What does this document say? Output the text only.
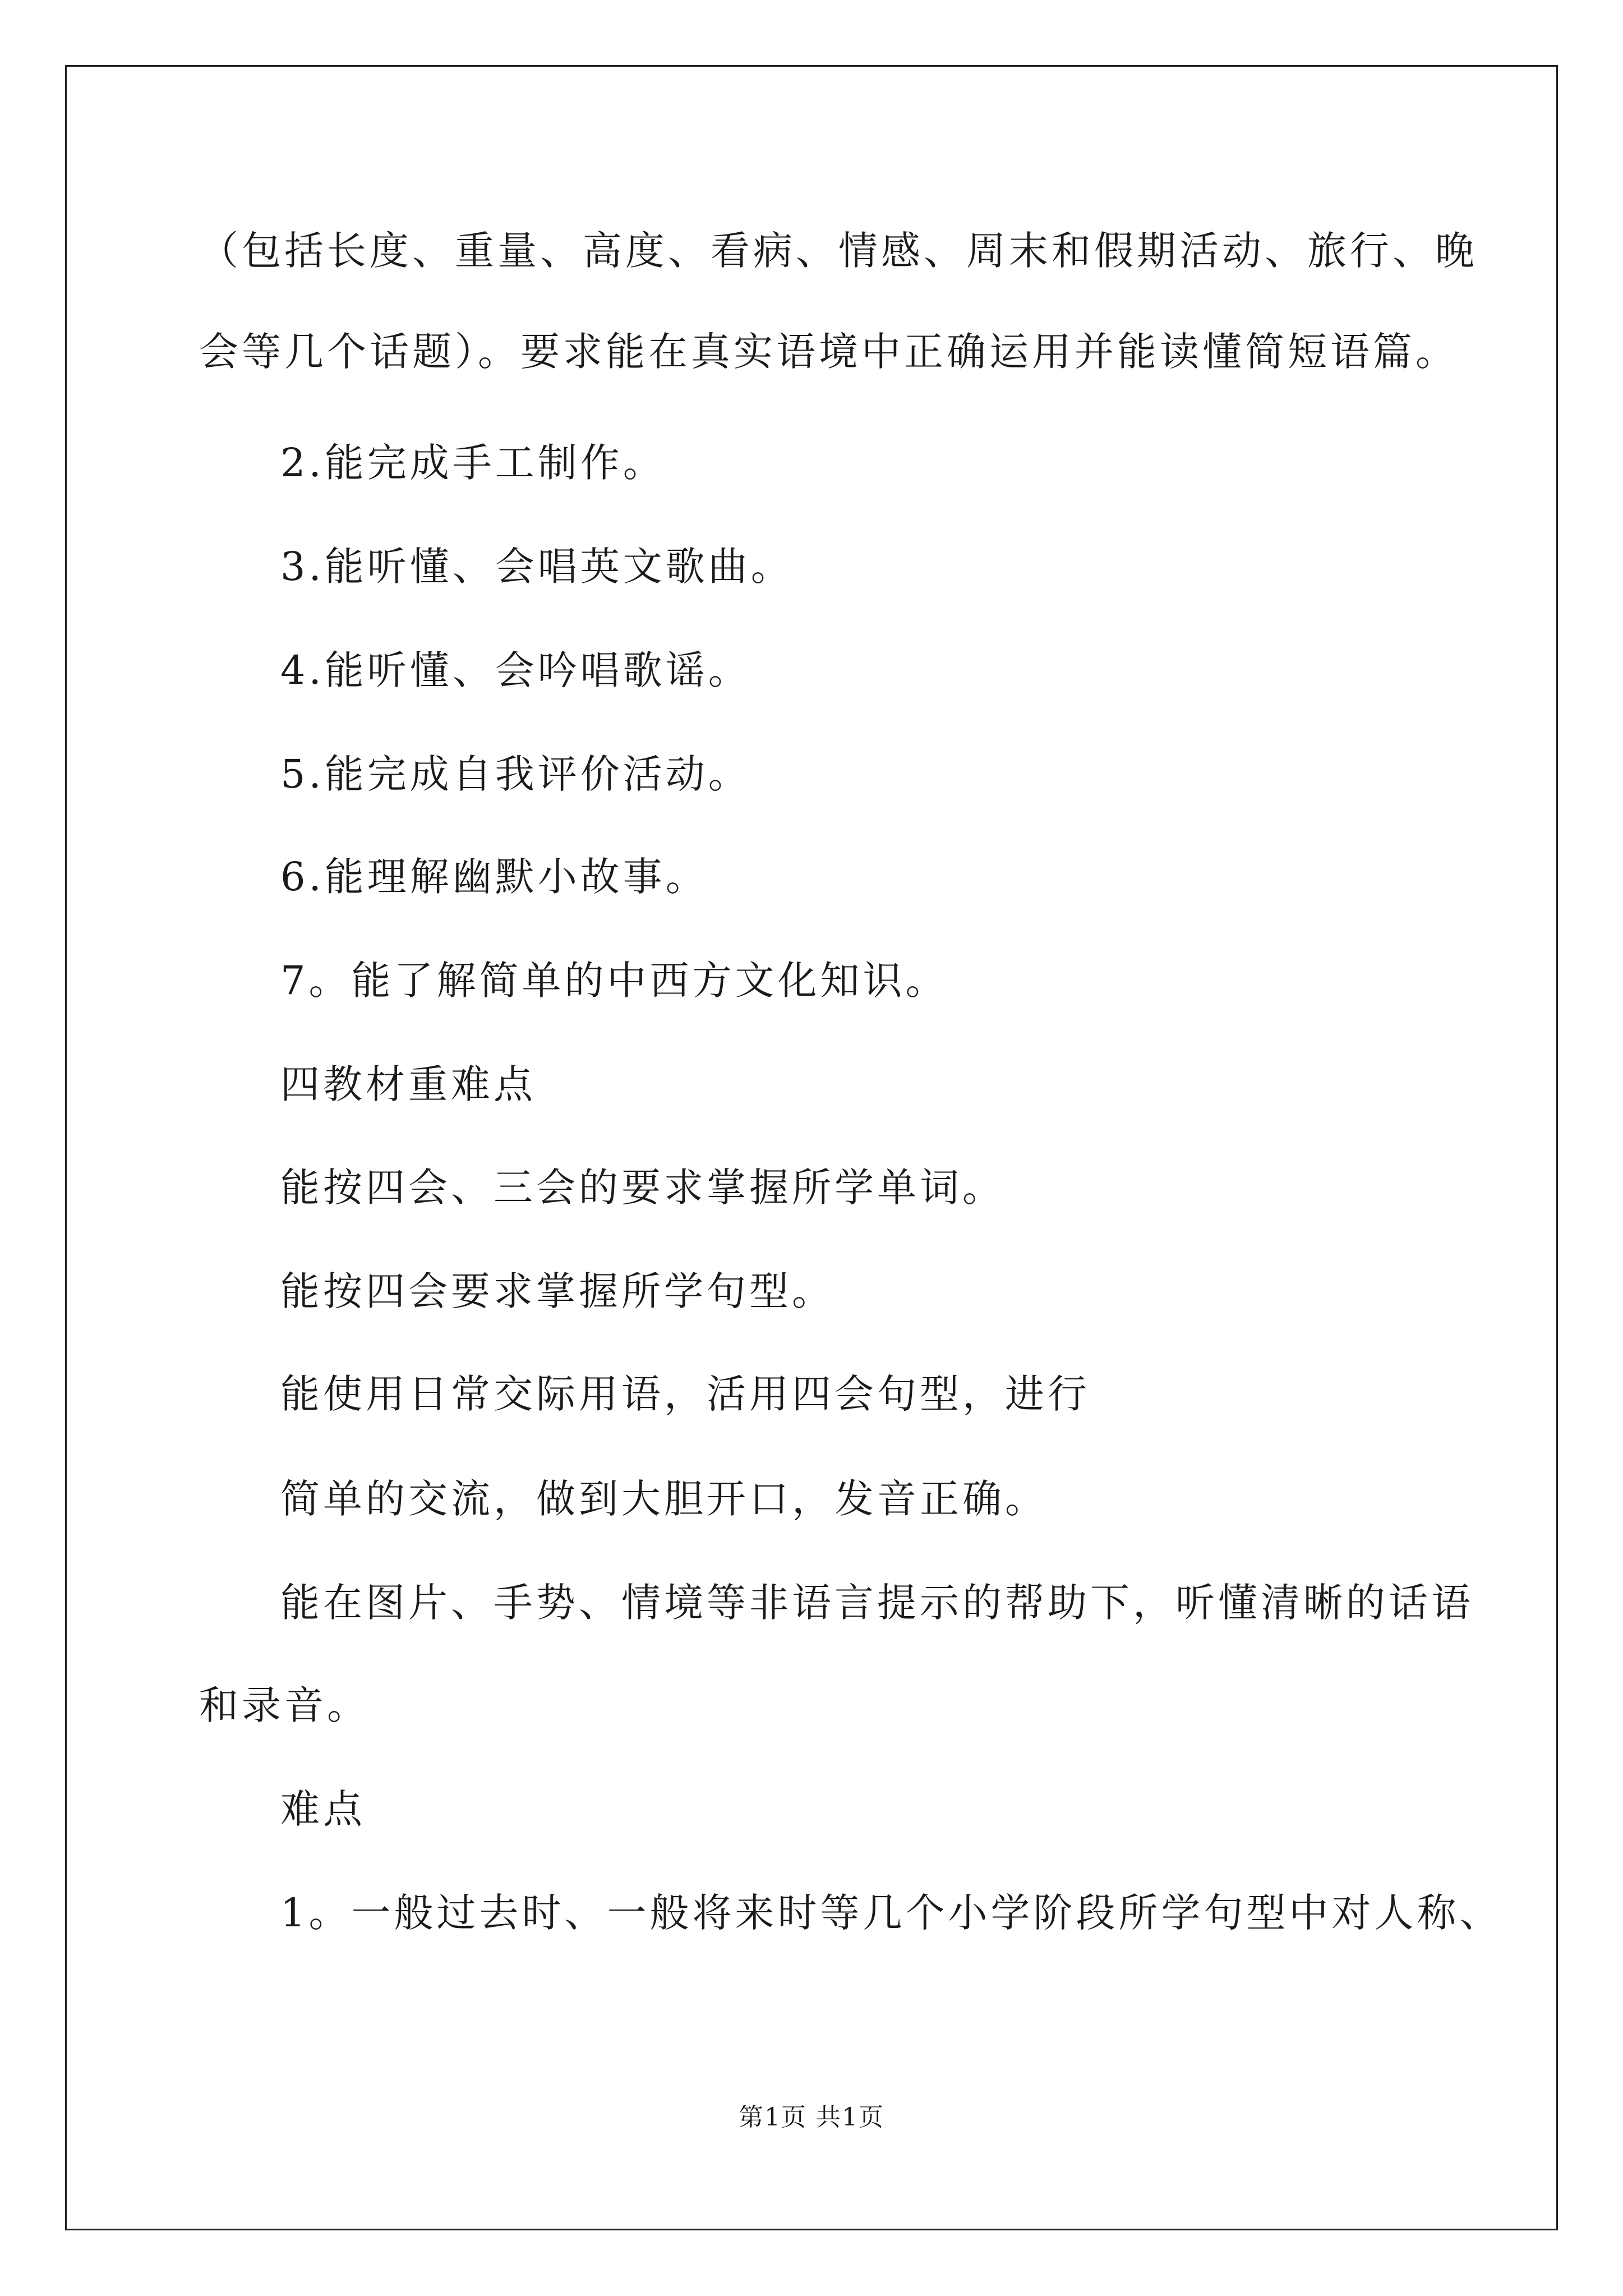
（包括长度、重量、高度、看病、情感、周末和假期活动、旅行、晚
会等几个话题）。要求能在真实语境中正确运用并能读懂简短语篇。
2.能完成手工制作。
3.能听懂、会唱英文歌曲。
4.能听懂、会吟唱歌谣。
5.能完成自我评价活动。
6.能理解幽默小故事。
7。能了解简单的中西方文化知识。
四教材重难点
能按四会、三会的要求掌握所学单词。
能按四会要求掌握所学句型。
能使用日常交际用语，活用四会句型，进行
简单的交流，做到大胆开口，发音正确。
能在图片、手势、情境等非语言提示的帮助下，听懂清晰的话语
和录音。
难点
1。一般过去时、一般将来时等几个小学阶段所学句型中对人称、
第1页 共1页
